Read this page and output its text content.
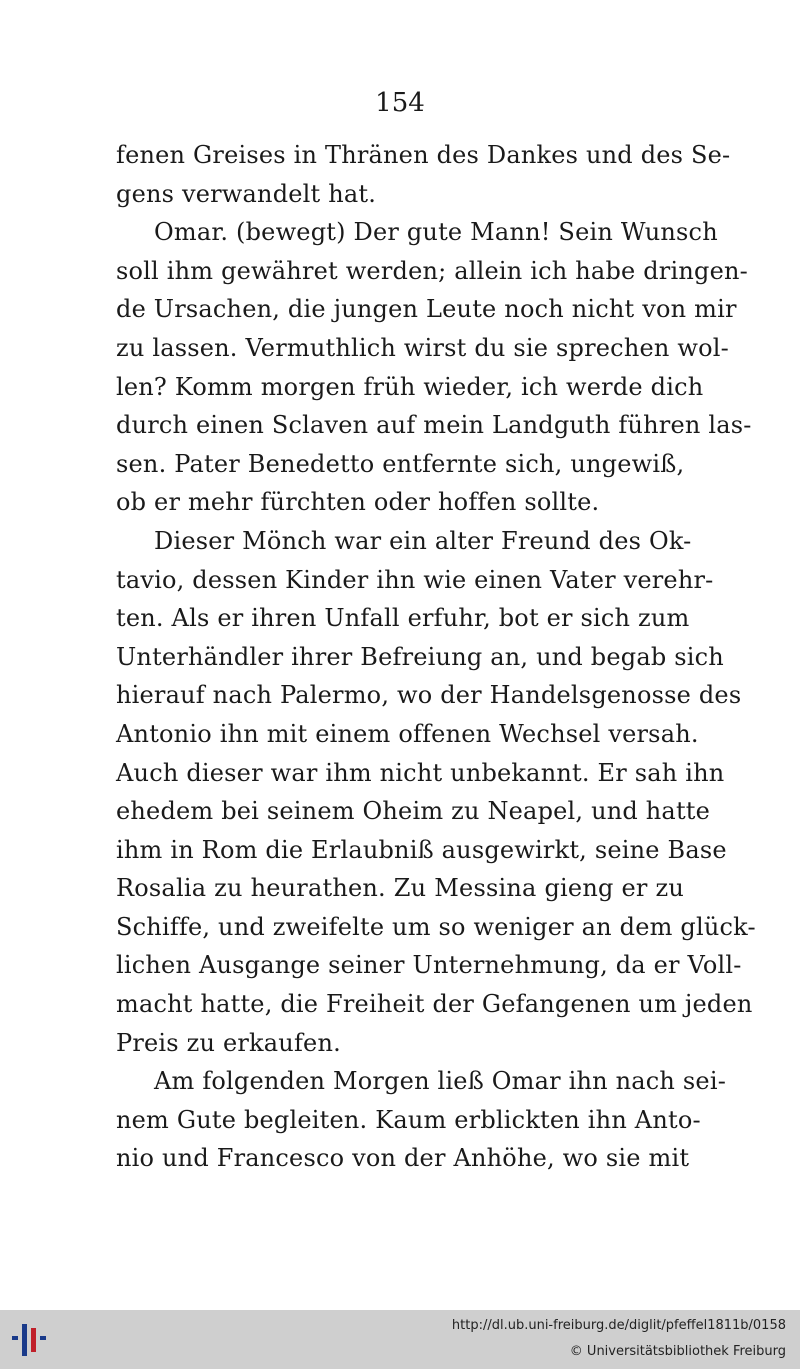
154
fenen Greises in Thränen des Dankes und des Se-
gens verwandelt hat.
Omar. (bewegt) Der gute Mann! Sein Wunsch
soll ihm gewähret werden; allein ich habe dringen-
de Ursachen, die jungen Leute noch nicht von mir
zu lassen. Vermuthlich wirst du sie sprechen wol-
len? Komm morgen früh wieder, ich werde dich
durch einen Sclaven auf mein Landguth führen las-
sen. Pater Benedetto entfernte sich, ungewiß,
ob er mehr fürchten oder hoffen sollte.
Dieser Mönch war ein alter Freund des Ok-
tavio, dessen Kinder ihn wie einen Vater verehr-
ten. Als er ihren Unfall erfuhr, bot er sich zum
Unterhändler ihrer Befreiung an, und begab sich
hierauf nach Palermo, wo der Handelsgenosse des
Antonio ihn mit einem offenen Wechsel versah.
Auch dieser war ihm nicht unbekannt. Er sah ihn
ehedem bei seinem Oheim zu Neapel, und hatte
ihm in Rom die Erlaubniß ausgewirkt, seine Base
Rosalia zu heurathen. Zu Messina gieng er zu
Schiffe, und zweifelte um so weniger an dem glück-
lichen Ausgange seiner Unternehmung, da er Voll-
macht hatte, die Freiheit der Gefangenen um jeden
Preis zu erkaufen.
Am folgenden Morgen ließ Omar ihn nach sei-
nem Gute begleiten. Kaum erblickten ihn Anto-
nio und Francesco von der Anhöhe, wo sie mit
http://dl.ub.uni-freiburg.de/diglit/pfeffel1811b/0158
© Universitätsbibliothek Freiburg
